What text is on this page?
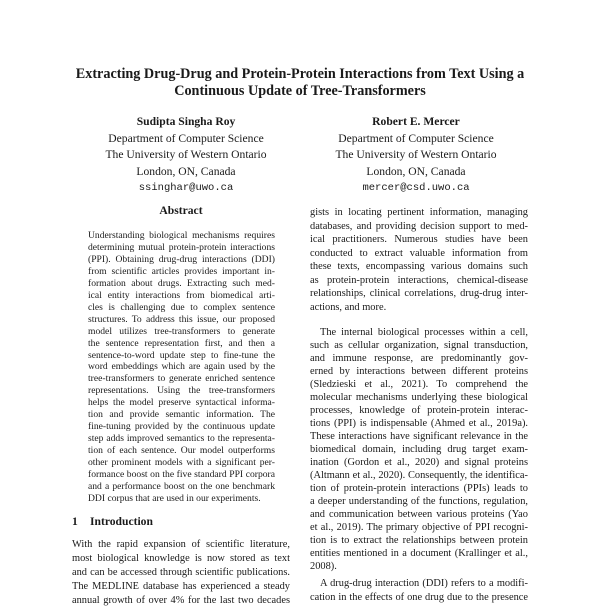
Extracting Drug-Drug and Protein-Protein Interactions from Text Using a
Continuous Update of Tree-Transformers
Sudipta Singha Roy
Department of Computer Science
The University of Western Ontario
London, ON, Canada
ssinghar@uwo.ca
Robert E. Mercer
Department of Computer Science
The University of Western Ontario
London, ON, Canada
mercer@csd.uwo.ca
Abstract
Understanding biological mechanisms requires
determining mutual protein-protein interactions
(PPI). Obtaining drug-drug interactions (DDI)
from scientific articles provides important in-
formation about drugs. Extracting such med-
ical entity interactions from biomedical arti-
cles is challenging due to complex sentence
structures. To address this issue, our proposed
model utilizes tree-transformers to generate
the sentence representation first, and then a
sentence-to-word update step to fine-tune the
word embeddings which are again used by the
tree-transformers to generate enriched sentence
representations. Using the tree-transformers
helps the model preserve syntactical informa-
tion and provide semantic information. The
fine-tuning provided by the continuous update
step adds improved semantics to the representa-
tion of each sentence. Our model outperforms
other prominent models with a significant per-
formance boost on the five standard PPI corpora
and a performance boost on the one benchmark
DDI corpus that are used in our experiments.
1 Introduction
With the rapid expansion of scientific literature,
most biological knowledge is now stored as text
and can be accessed through scientific publications.
The MEDLINE database has experienced a steady
annual growth of over 4% for the last two decades
gists in locating pertinent information, managing
databases, and providing decision support to med-
ical practitioners. Numerous studies have been
conducted to extract valuable information from
these texts, encompassing various domains such
as protein-protein interactions, chemical-disease
relationships, clinical correlations, drug-drug inter-
actions, and more.
The internal biological processes within a cell,
such as cellular organization, signal transduction,
and immune response, are predominantly gov-
erned by interactions between different proteins
(Sledzieski et al., 2021). To comprehend the
molecular mechanisms underlying these biological
processes, knowledge of protein-protein interac-
tions (PPI) is indispensable (Ahmed et al., 2019a).
These interactions have significant relevance in the
biomedical domain, including drug target exam-
ination (Gordon et al., 2020) and signal proteins
(Altmann et al., 2020). Consequently, the identifica-
tion of protein-protein interactions (PPIs) leads to
a deeper understanding of the functions, regulation,
and communication between various proteins (Yao
et al., 2019). The primary objective of PPI recogni-
tion is to extract the relationships between protein
entities mentioned in a document (Krallinger et al.,
2008).
A drug-drug interaction (DDI) refers to a modifi-
cation in the effects of one drug due to the presence
